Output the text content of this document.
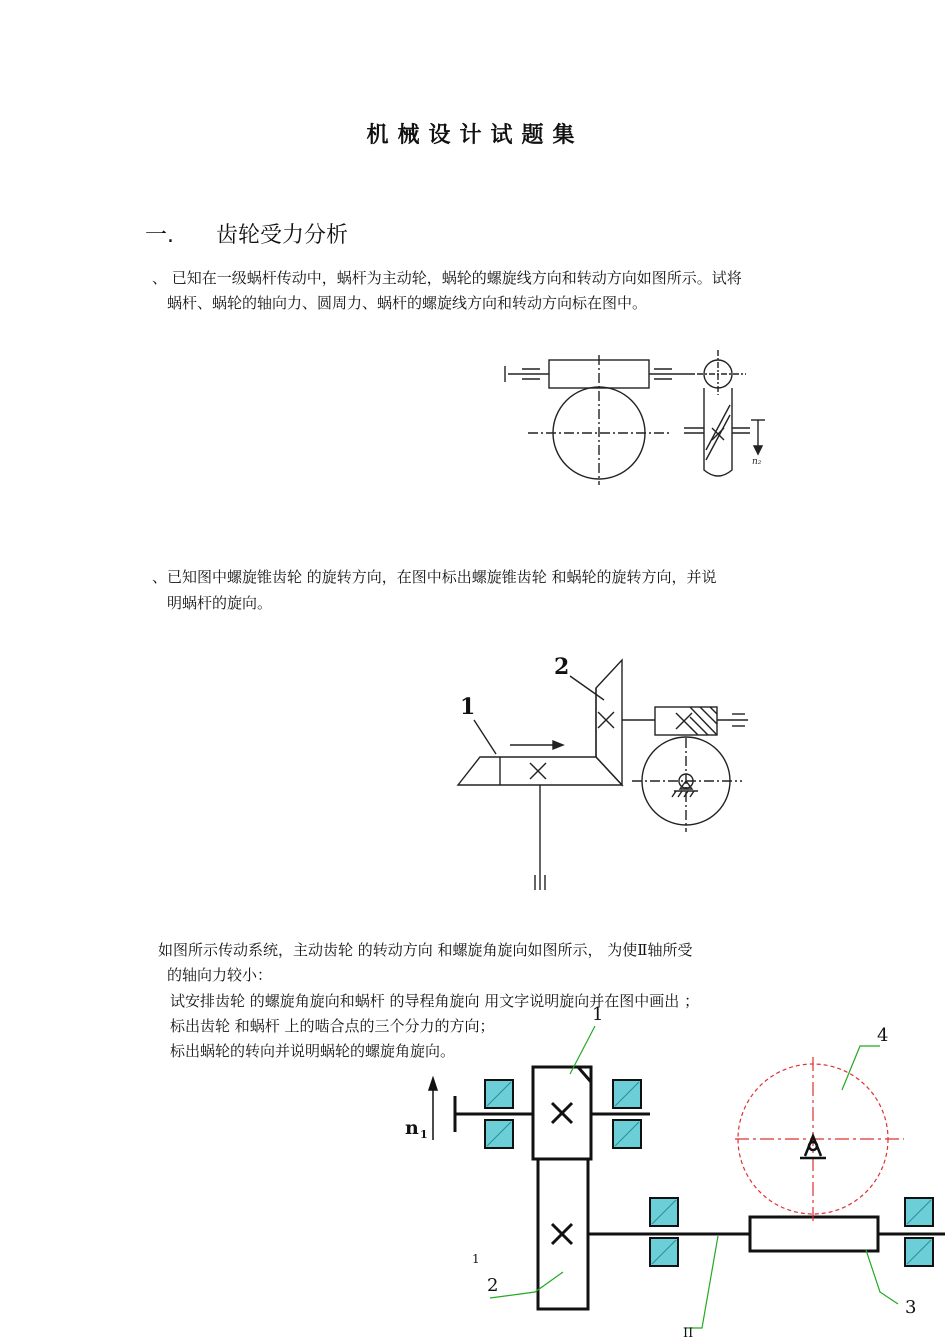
机械设计试题集
一. 齿轮受力分析
、 已知在一级蜗杆传动中，蜗杆为主动轮，蜗轮的螺旋线方向和转动方向如图所示。试将
蜗杆、蜗轮的轴向力、圆周力、蜗杆的螺旋线方向和转动方向标在图中。
、已知图中螺旋锥齿轮 的旋转方向，在图中标出螺旋锥齿轮 和蜗轮的旋转方向，并说
明蜗杆的旋向。
如图所示传动系统，主动齿轮 的转动方向 和螺旋角旋向如图所示， 为使Ⅱ轴所受
的轴向力较小：
试安排齿轮 的螺旋角旋向和蜗杆 的导程角旋向 用文字说明旋向并在图中画出 ；
标出齿轮 和蜗杆 上的啮合点的三个分力的方向；
标出蜗轮的转向并说明蜗轮的螺旋角旋向。
n₂
1
2
1
2
3
4
n 1
1
II
